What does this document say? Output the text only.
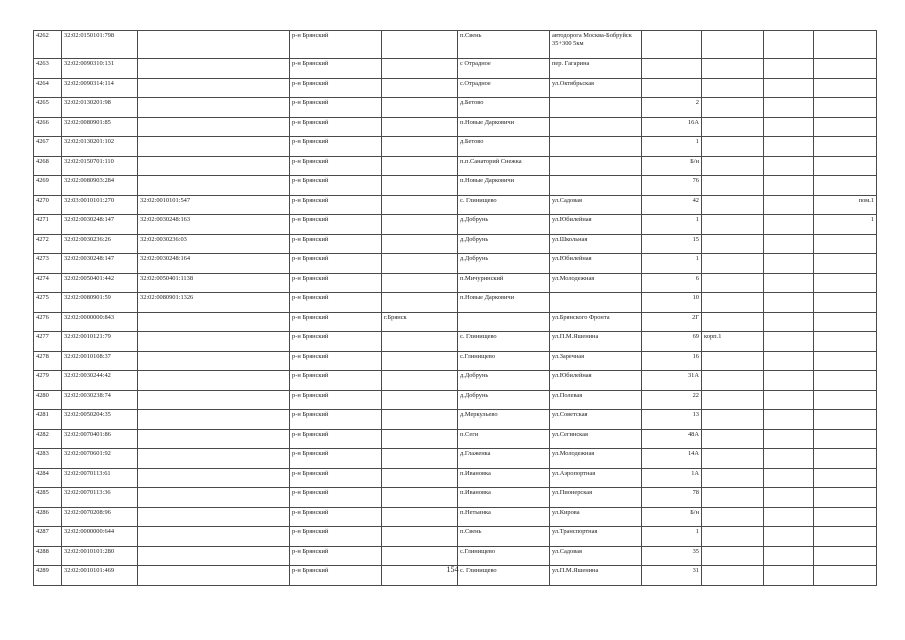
4262	32:02:0150101:798		р-н Брянский		п.Свень	автодорога Москва-Бобруйск 35+300 5км				
4263	32:02:0090310:131		р-н Брянский		с Отрадное	пер. Гагарина				
4264	32:02:0090314:114		р-н Брянский		с.Отрадное	ул.Октябрьская				
4265	32:02:0130201:98		р-н Брянский		д.Бетово		2			
4266	32:02:0080901:85		р-н Брянский		п.Новые Дарковичи		16А			
4267	32:02:0130201:102		р-н Брянский		д.Бетово		1			
4268	32:02:0150701:110		р-н Брянский		п.п.Санаторий Снежка		Б/н			
4269	32:02:0080903:284		р-н Брянский		п.Новые Дарковичи		76			
4270	32:03:0010101:270	32:02:0010101:547	р-н Брянский		с. Глинищево	ул.Садовая	42			пом.1
4271	32:02:0030248:147	32:02:0030248:163	р-н Брянский		д.Добрунь	ул.Юбилейная	1			1
4272	32:02:0030236:26	32:02:0030236:03	р-н Брянский		д.Добрунь	ул.Школьная	15			
4273	32:02:0030248:147	32:02:0030248:164	р-н Брянский		д.Добрунь	ул.Юбилейная	1			
4274	32:02:0050401:442	32:02:0050401:1138	р-н Брянский		п.Мичуринский	ул.Молодежная	6			
4275	32:02:0080901:59	32:02:0080901:1326	р-н Брянский		п.Новые Дарковичи		10			
4276	32:02:0000000:843		р-н Брянский	г.Брянск		ул.Брянского Фронта	2Г			
4277	32:02:0010121:79		р-н Брянский		с. Глинищево	ул.П.М.Яшенина	69	корп.1		
4278	32:02:0010108:37		р-н Брянский		с.Глинищево	ул.Заречная	16			
4279	32:02:0030244:42		р-н Брянский		д.Добрунь	ул.Юбилейная	31А			
4280	32:02:0030238:74		р-н Брянский		д.Добрунь	ул.Полевая	22			
4281	32:02:0050204:35		р-н Брянский		д.Меркульево	ул.Советская	13			
4282	32:02:0070401:86		р-н Брянский		п.Сеги	ул.Сегинская	48А			
4283	32:02:0070601:92		р-н Брянский		д.Глаженка	ул.Молодежная	14А			
4284	32:02:0070113:61		р-н Брянский		п.Ивановка	ул.Аэропортная	1А			
4285	32:02:0070113:36		р-н Брянский		п.Ивановка	ул.Пионерская	78			
4286	32:02:0070208:96		р-н Брянский		п.Нетьинка	ул.Кирова	Б/н			
4287	32:02:0000000:644		р-н Брянский		п.Свень	ул.Транспортная	1			
4288	32:02:0010101:280		р-н Брянский		с.Глинищево	ул.Садовая	35			
4289	32:02:0010101:469		р-н Брянский		с. Глинищево	ул.П.М.Яшенина	31			
154
